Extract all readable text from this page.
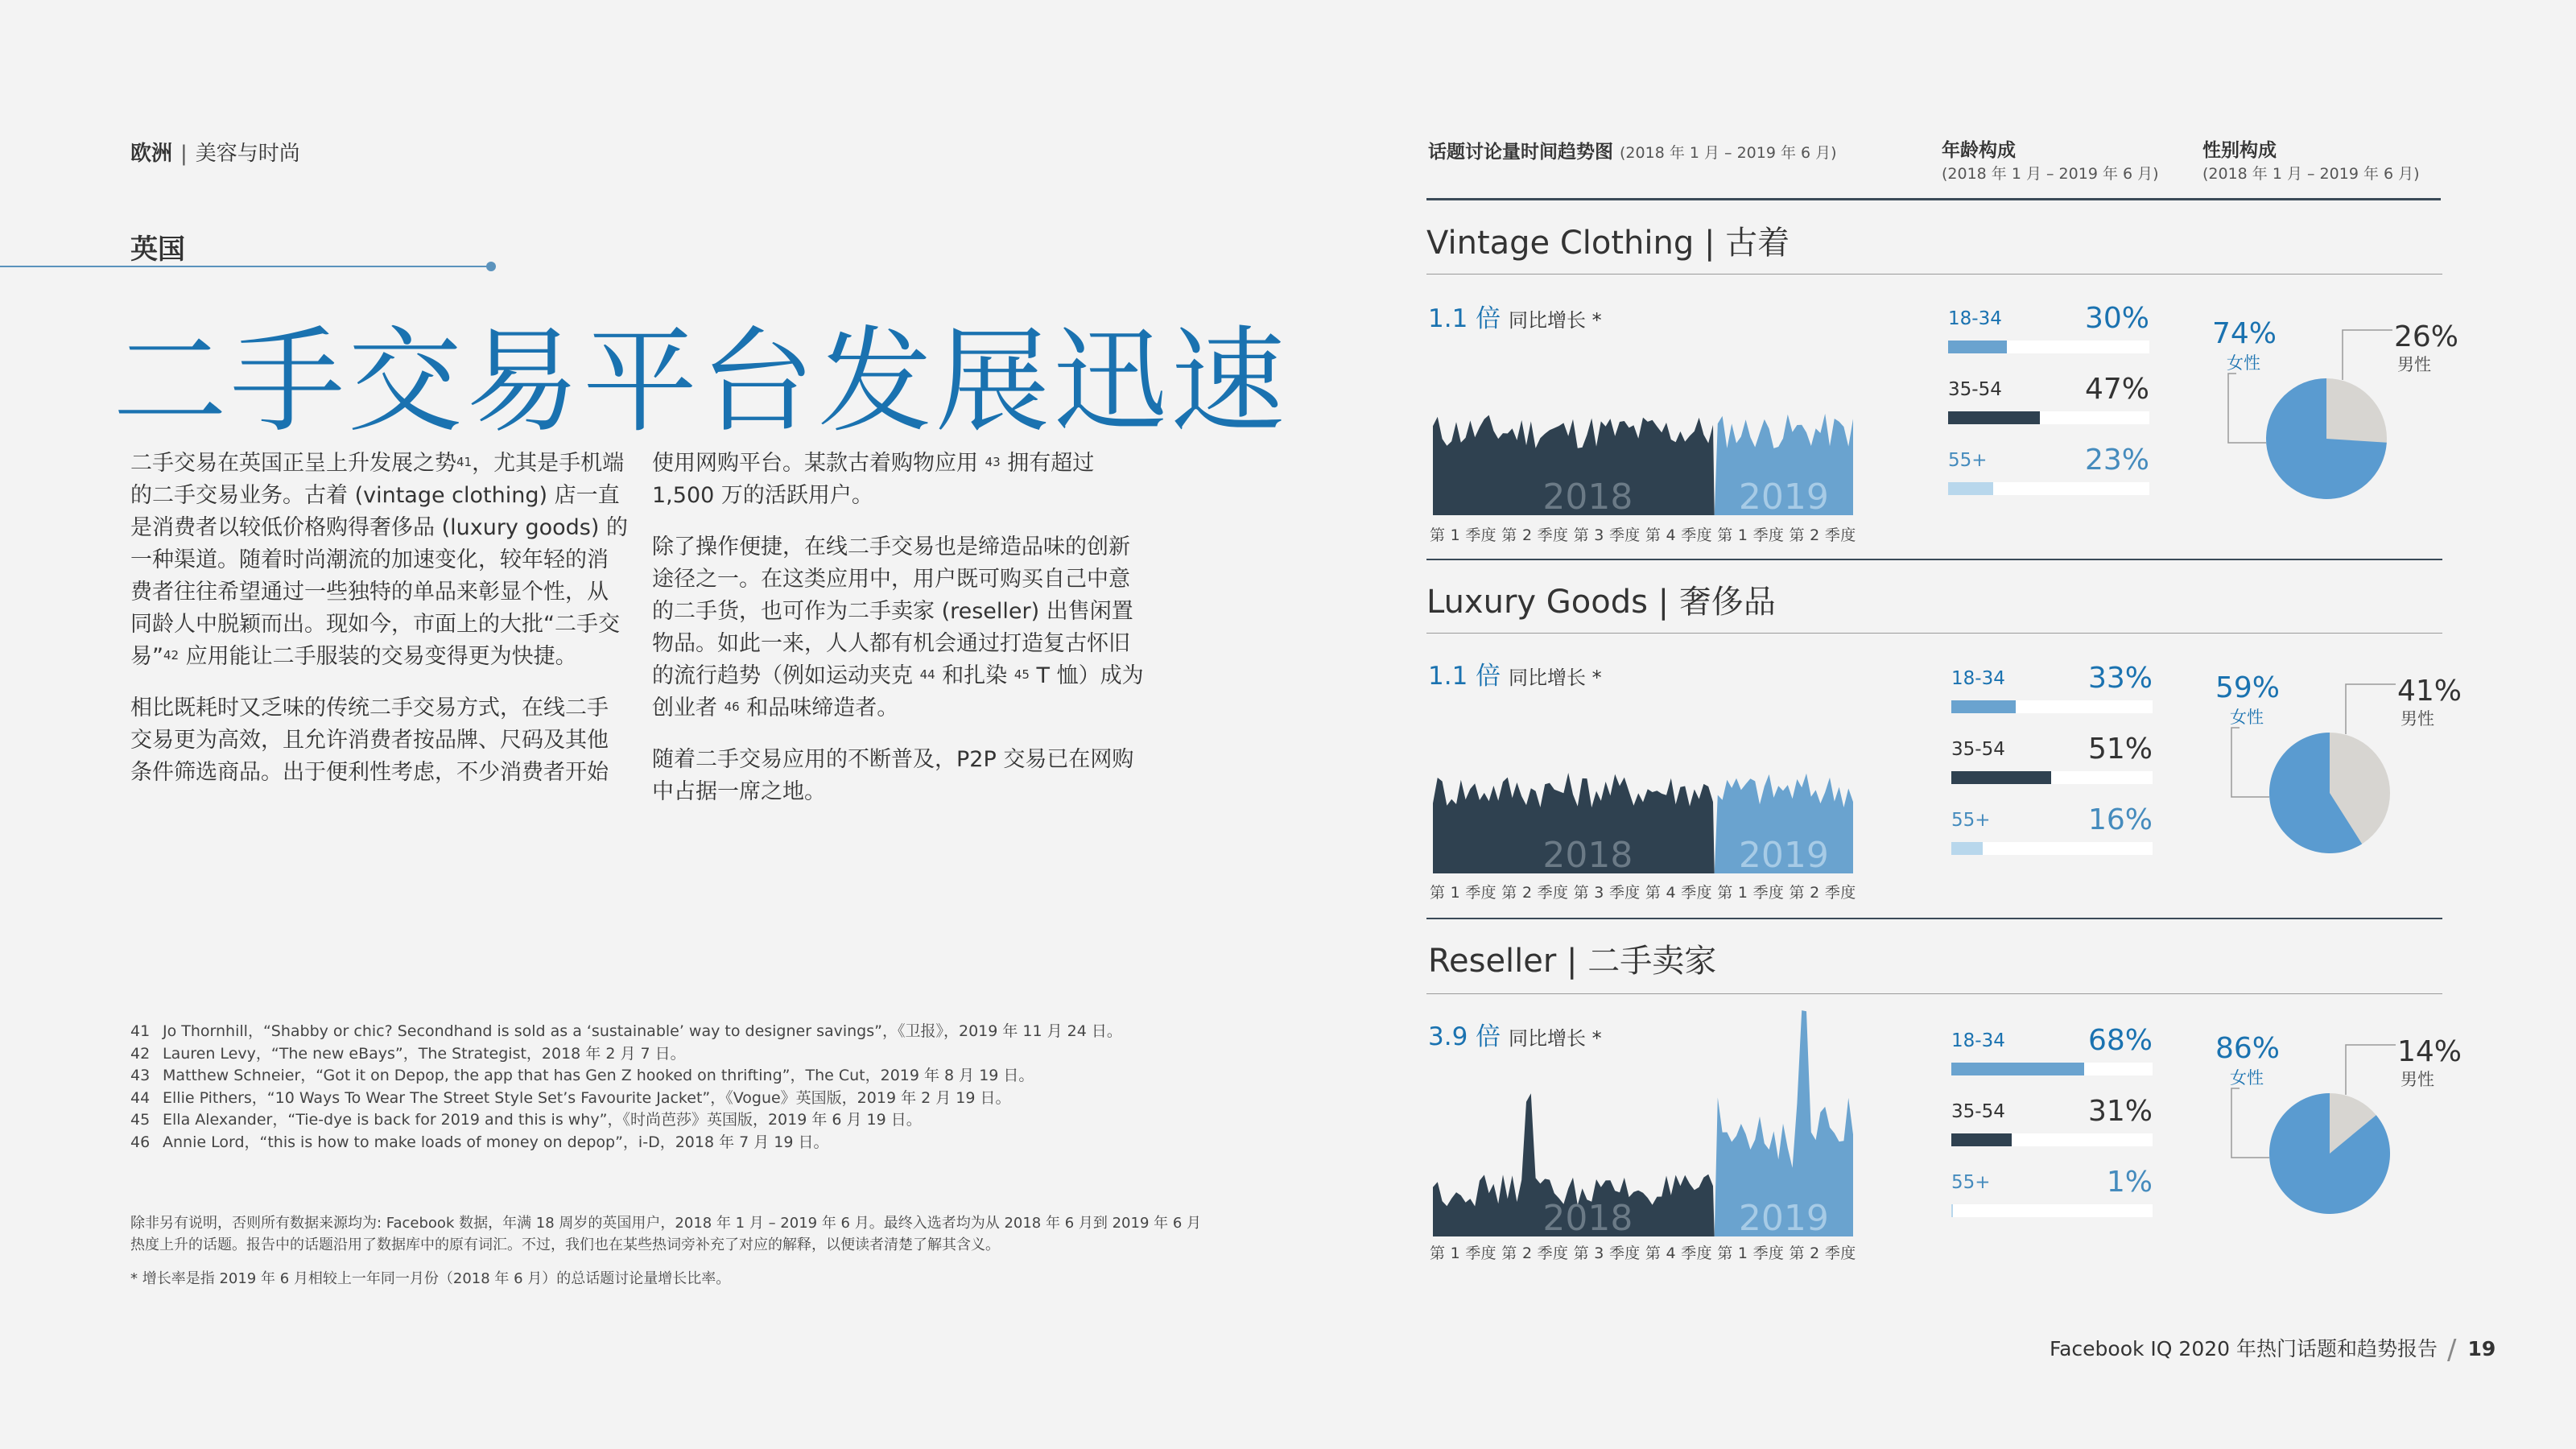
欧洲 | 美容与时尚
英国
二手交易平台发展迅速

二手交易在英国正呈上升发展之势$^{41}$，尤其是手机端的二手交易业务。古着 (vintage clothing) 店一直是消费者以较低价格购得奢侈品 (luxury goods) 的一种渠道。随着时尚潮流的加速变化，较年轻的消费者往往希望通过一些独特的单品来彰显个性，从同龄人中脱颖而出。现如今，市面上的大批“二手交易”$^{42}$ 应用能让二手服装的交易变得更为快捷。

相比既耗时又乏味的传统二手交易方式，在线二手交易更为高效，且允许消费者按品牌、尺码及其他条件筛选商品。出于便利性考虑，不少消费者开始

使用网购平台。某款古着购物应用 $^{43}$ 拥有超过 1,500 万的活跃用户。

除了操作便捷，在线二手交易也是缔造品味的创新途径之一。在这类应用中，用户既可购买自己中意的二手货，也可作为二手卖家 (reseller) 出售闲置物品。如此一来，人人都有机会通过打造复古怀旧的流行趋势（例如运动夹克 $^{44}$ 和扎染 $^{45}$ T 恤）成为创业者 $^{46}$ 和品味缔造者。

随着二手交易应用的不断普及，P2P 交易已在网购中占据一席之地。

41 Jo Thornhill，“Shabby or chic? Secondhand is sold as a ‘sustainable’ way to designer savings”，《卫报》，2019 年 11 月 24 日。
42 Lauren Levy，“The new eBays”，The Strategist，2018 年 2 月 7 日。
43 Matthew Schneier，“Got it on Depop, the app that has Gen Z hooked on thrifting”，The Cut，2019 年 8 月 19 日。
44 Ellie Pithers，“10 Ways To Wear The Street Style Set’s Favourite Jacket”，《Vogue》英国版，2019 年 2 月 19 日。
45 Ella Alexander，“Tie-dye is back for 2019 and this is why”，《时尚芭莎》英国版，2019 年 6 月 19 日。
46 Annie Lord，“this is how to make loads of money on depop”，i-D，2018 年 7 月 19 日。
除非另有说明，否则所有数据来源均为: Facebook 数据，年满 18 周岁的英国用户，2018 年 1 月 – 2019 年 6 月。最终入选者均为从 2018 年 6 月到 2019 年 6 月热度上升的话题。报告中的话题沿用了数据库中的原有词汇。不过，我们也在某些热词旁补充了对应的解释，以便读者清楚了解其含义。
* 增长率是指 2019 年 6 月相较上一年同一月份（2018 年 6 月）的总话题讨论量增长比率。
话题讨论量时间趋势图 (2018 年 1 月 – 2019 年 6 月)	年龄构成
(2018 年 1 月 – 2019 年 6 月)
性别构成
(2018 年 1 月 – 2019 年 6 月)
Vintage Clothing | 古着
1.1 倍 同比增长 *
2018	2019
第 1 季度 第 2 季度 第 3 季度 第 4 季度 第 1 季度 第 2 季度
18-34	30%
35-54	47%
55+	23%
74%
女性
26%
男性
Luxury Goods | 奢侈品
1.1 倍 同比增长 *
2018	2019
第 1 季度 第 2 季度 第 3 季度 第 4 季度 第 1 季度 第 2 季度
18-34	33%
35-54	51%
55+	16%
59%
女性
41%
男性
Reseller | 二手卖家
3.9 倍 同比增长 *
2018	2019
第 1 季度 第 2 季度 第 3 季度 第 4 季度 第 1 季度 第 2 季度
18-34	68%
35-54	31%
55+	1%
86%
女性
14%
男性
Facebook IQ 2020 年热门话题和趋势报告 / 19
